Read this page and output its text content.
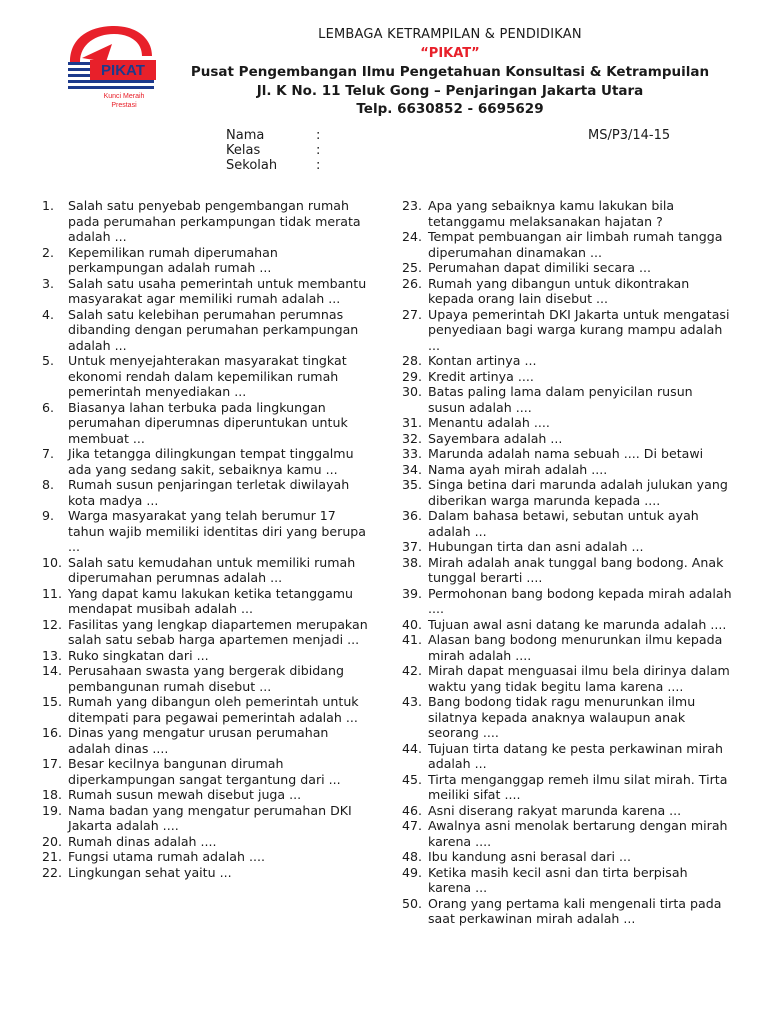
PIKAT
Kunci Meraih
Prestasi
LEMBAGA KETRAMPILAN & PENDIDIKAN
“PIKAT”
Pusat Pengembangan Ilmu Pengetahuan Konsultasi & Ketrampuilan
Jl. K No. 11 Teluk Gong – Penjaringan Jakarta Utara
Telp. 6630852 - 6695629
Nama	:
Kelas	:
Sekolah	:
MS/P3/14-15
1.	Salah satu penyebab pengembangan rumah pada perumahan perkampungan tidak merata adalah ...
2.	Kepemilikan rumah diperumahan perkampungan adalah rumah ...
3.	Salah satu usaha pemerintah untuk membantu masyarakat agar memiliki rumah adalah ...
4.	Salah satu kelebihan perumahan perumnas dibanding dengan perumahan perkampungan adalah ...
5.	Untuk menyejahterakan masyarakat tingkat ekonomi rendah dalam kepemilikan rumah pemerintah menyediakan ...
6.	Biasanya lahan terbuka pada lingkungan perumahan diperumnas diperuntukan untuk membuat ...
7.	Jika tetangga dilingkungan tempat tinggalmu ada yang sedang sakit, sebaiknya kamu ...
8.	Rumah susun penjaringan terletak diwilayah kota madya ...
9.	Warga masyarakat yang telah berumur 17 tahun wajib memiliki identitas diri yang berupa ...
10. Salah satu kemudahan untuk memiliki rumah diperumahan perumnas adalah ...
11. Yang dapat kamu lakukan ketika tetanggamu mendapat musibah adalah ...
12. Fasilitas yang lengkap diapartemen merupakan salah satu sebab harga apartemen menjadi ...
13. Ruko singkatan dari ...
14. Perusahaan swasta yang bergerak dibidang pembangunan rumah disebut ...
15. Rumah yang dibangun oleh pemerintah untuk ditempati para pegawai pemerintah adalah ...
16. Dinas yang mengatur urusan perumahan adalah dinas ....
17. Besar kecilnya bangunan dirumah diperkampungan sangat tergantung dari ...
18. Rumah susun mewah disebut juga ...
19. Nama badan yang mengatur perumahan DKI Jakarta adalah ....
20. Rumah dinas adalah ....
21. Fungsi utama rumah adalah ....
22. Lingkungan sehat yaitu ...
23. Apa yang sebaiknya kamu lakukan bila tetanggamu melaksanakan hajatan ?
24. Tempat pembuangan air limbah rumah tangga diperumahan dinamakan ...
25. Perumahan dapat dimiliki secara ...
26. Rumah yang dibangun untuk dikontrakan kepada orang lain disebut ...
27. Upaya pemerintah DKI Jakarta untuk mengatasi penyediaan bagi warga kurang mampu adalah ...
28. Kontan artinya ...
29. Kredit artinya ....
30. Batas paling lama dalam penyicilan rusun susun adalah ....
31. Menantu adalah ....
32. Sayembara adalah ...
33. Marunda adalah nama sebuah .... Di betawi
34. Nama ayah mirah adalah ....
35. Singa betina dari marunda adalah julukan yang diberikan warga marunda kepada ....
36. Dalam bahasa betawi, sebutan untuk ayah adalah ...
37. Hubungan tirta dan asni adalah ...
38. Mirah adalah anak tunggal bang bodong. Anak tunggal berarti ....
39. Permohonan bang bodong kepada mirah adalah ....
40. Tujuan awal asni datang ke marunda adalah ....
41. Alasan bang bodong menurunkan ilmu kepada mirah adalah ....
42. Mirah dapat menguasai ilmu bela dirinya dalam waktu yang tidak begitu lama karena ....
43. Bang bodong tidak ragu menurunkan ilmu silatnya kepada anaknya walaupun anak seorang ....
44. Tujuan tirta datang ke pesta perkawinan mirah adalah ...
45. Tirta menganggap remeh ilmu silat mirah. Tirta meiliki sifat ....
46. Asni diserang rakyat marunda karena ...
47. Awalnya asni menolak bertarung dengan mirah karena ....
48. Ibu kandung asni berasal dari ...
49. Ketika masih kecil asni dan tirta berpisah karena ...
50. Orang yang pertama kali mengenali tirta pada saat perkawinan mirah adalah ...
